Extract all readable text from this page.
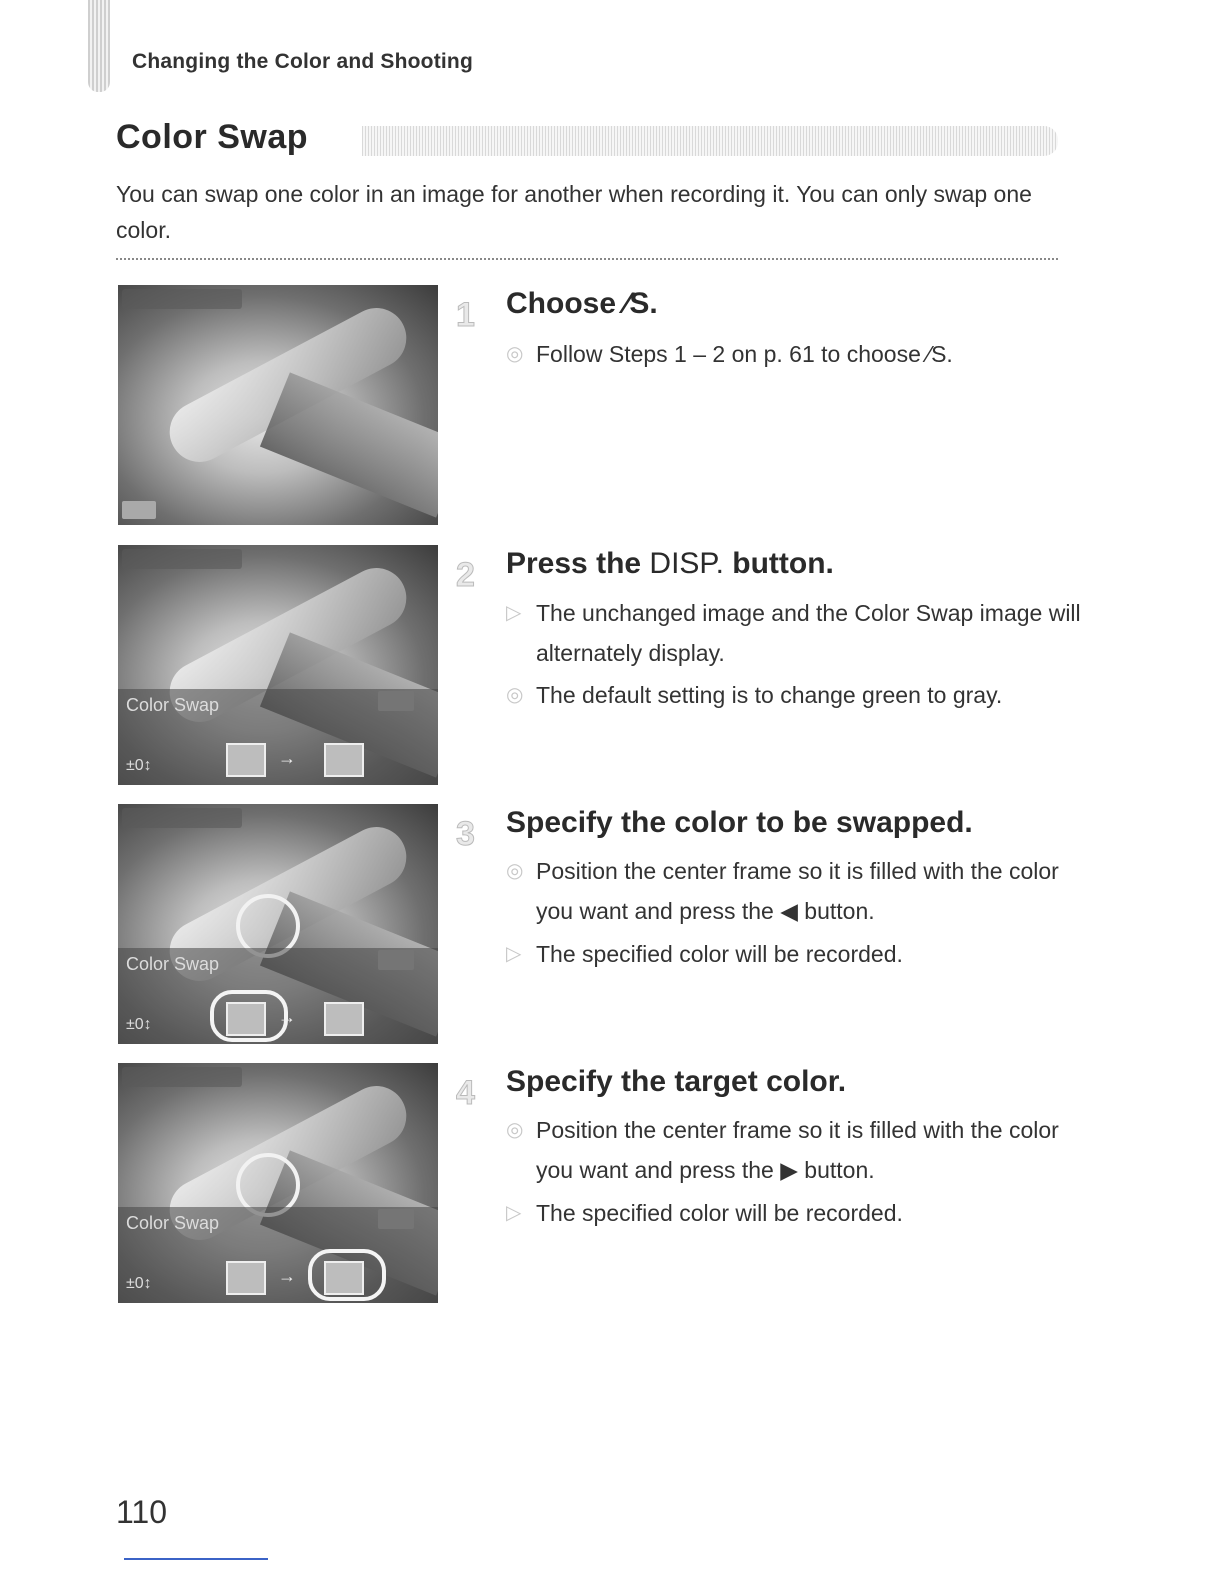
Changing the Color and Shooting
Color Swap
You can swap one color in an image for another when recording it. You can only swap one color.
Color Swap
±0↕	→
Color Swap
±0↕	→
Color Swap
±0↕	→
1	Choose ⁄S.
◎ Follow Steps 1 – 2 on p. 61 to choose ⁄S.
2	Press the DISP. button.
▷ The unchanged image and the Color Swap image will alternately display.
◎ The default setting is to change green to gray.
3	Specify the color to be swapped.
◎ Position the center frame so it is filled with the color you want and press the ◀ button.
▷ The specified color will be recorded.
4	Specify the target color.
◎ Position the center frame so it is filled with the color you want and press the ▶ button.
▷ The specified color will be recorded.
110
